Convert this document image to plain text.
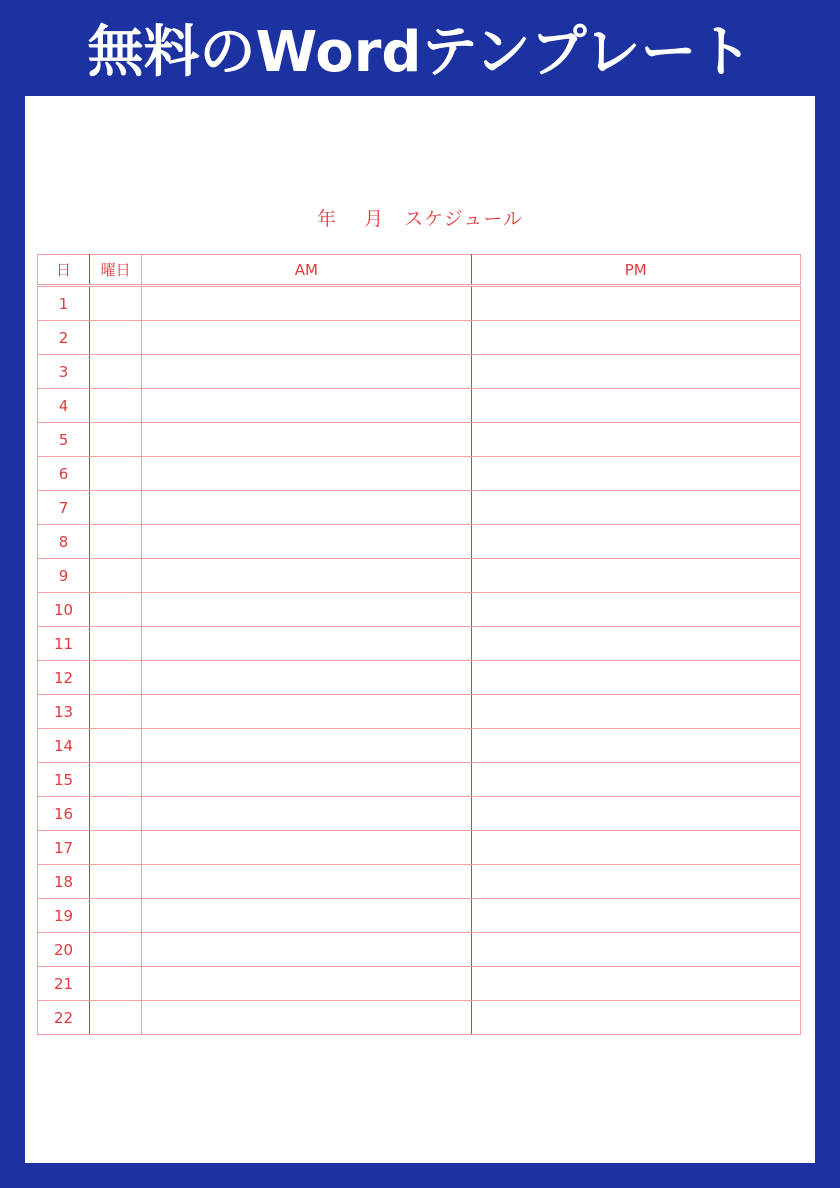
無料のWordテンプレート
年　 月　スケジュール
日	曜日	AM	PM
1			
2			
3			
4			
5			
6			
7			
8			
9			
10			
11			
12			
13			
14			
15			
16			
17			
18			
19			
20			
21			
22			
